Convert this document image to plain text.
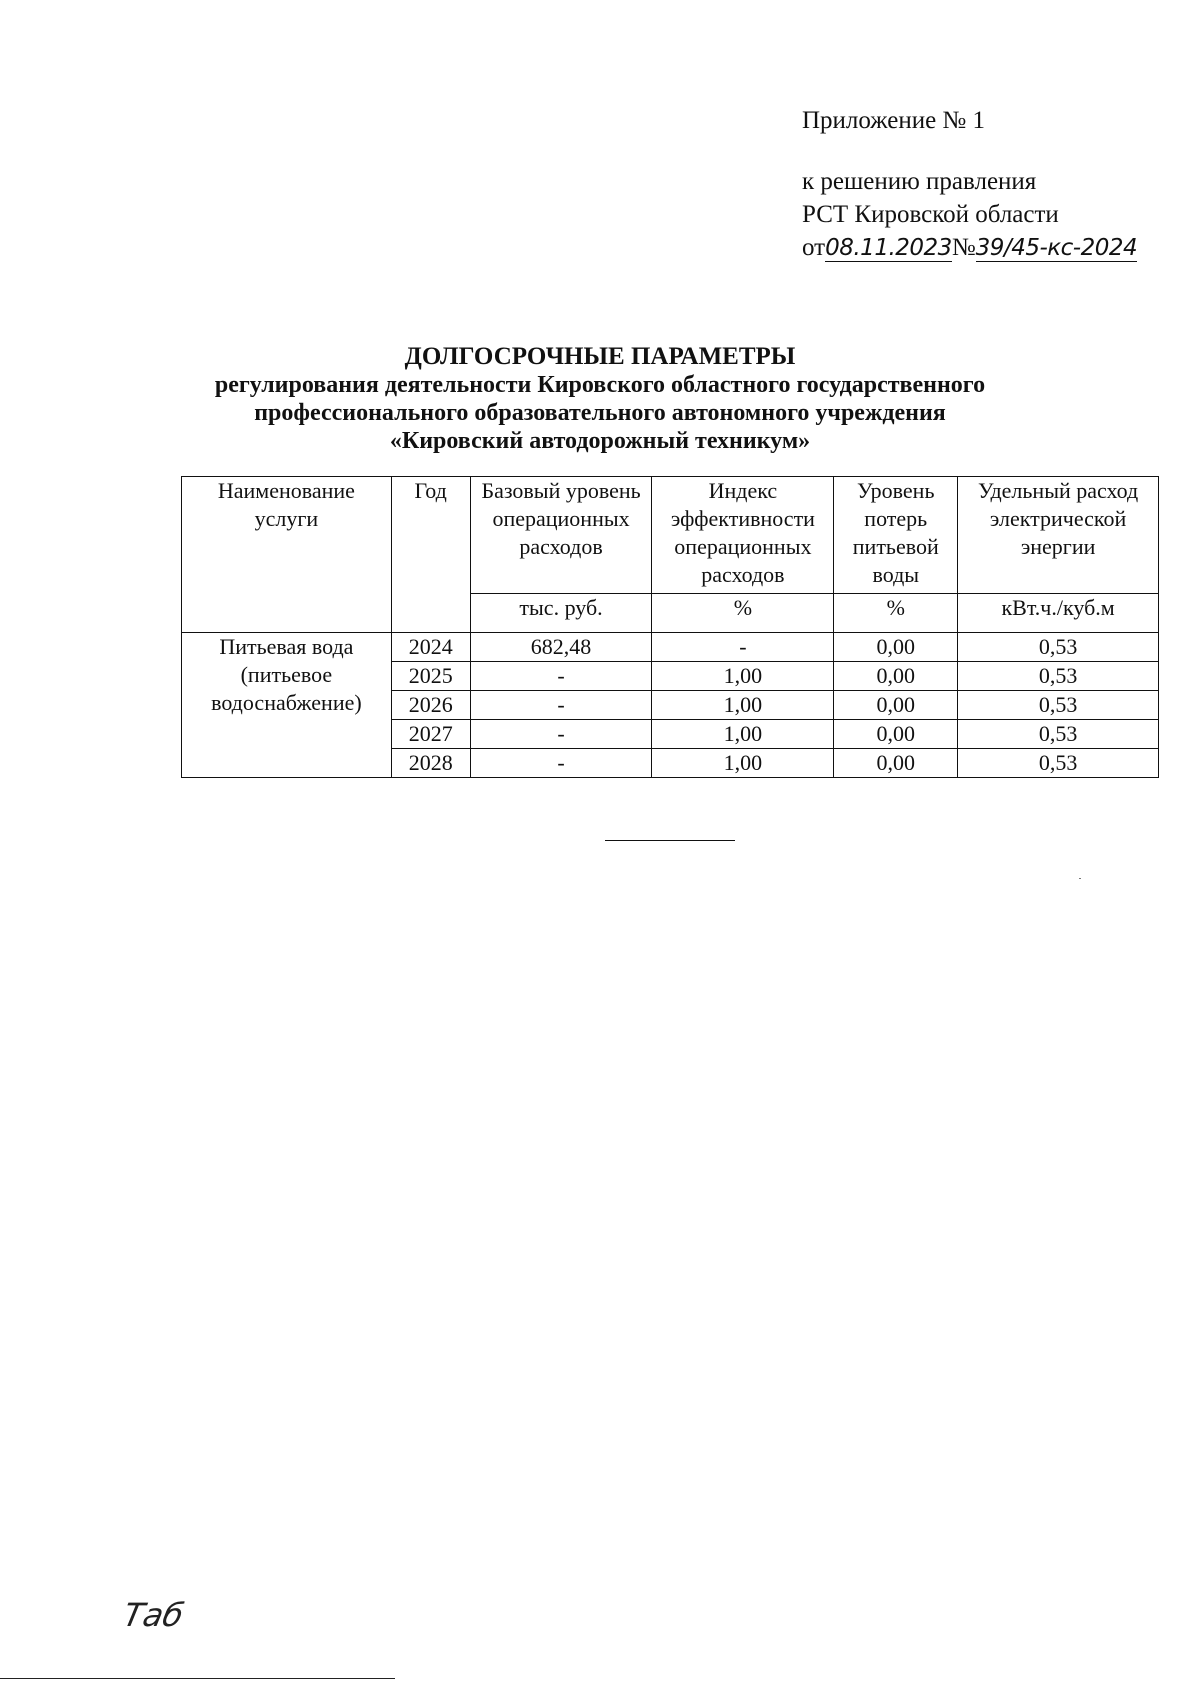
Приложение № 1
к решению правления
РСТ Кировской области
от08.11.2023№39/45-кс-2024
ДОЛГОСРОЧНЫЕ ПАРАМЕТРЫ
регулирования деятельности Кировского областного государственного
профессионального образовательного автономного учреждения
«Кировский автодорожный техникум»
Наименование услуги	Год	Базовый уровень операционных расходов	Индекс эффективности операционных расходов	Уровень потерь питьевой воды	Удельный расход электрической энергии
		тыс. руб.	%	%	кВт.ч./куб.м
Питьевая вода (питьевое водоснабжение)	2024	682,48	-	0,00	0,53
	2025	-	1,00	0,00	0,53
	2026	-	1,00	0,00	0,53
	2027	-	1,00	0,00	0,53
	2028	-	1,00	0,00	0,53
Таб
